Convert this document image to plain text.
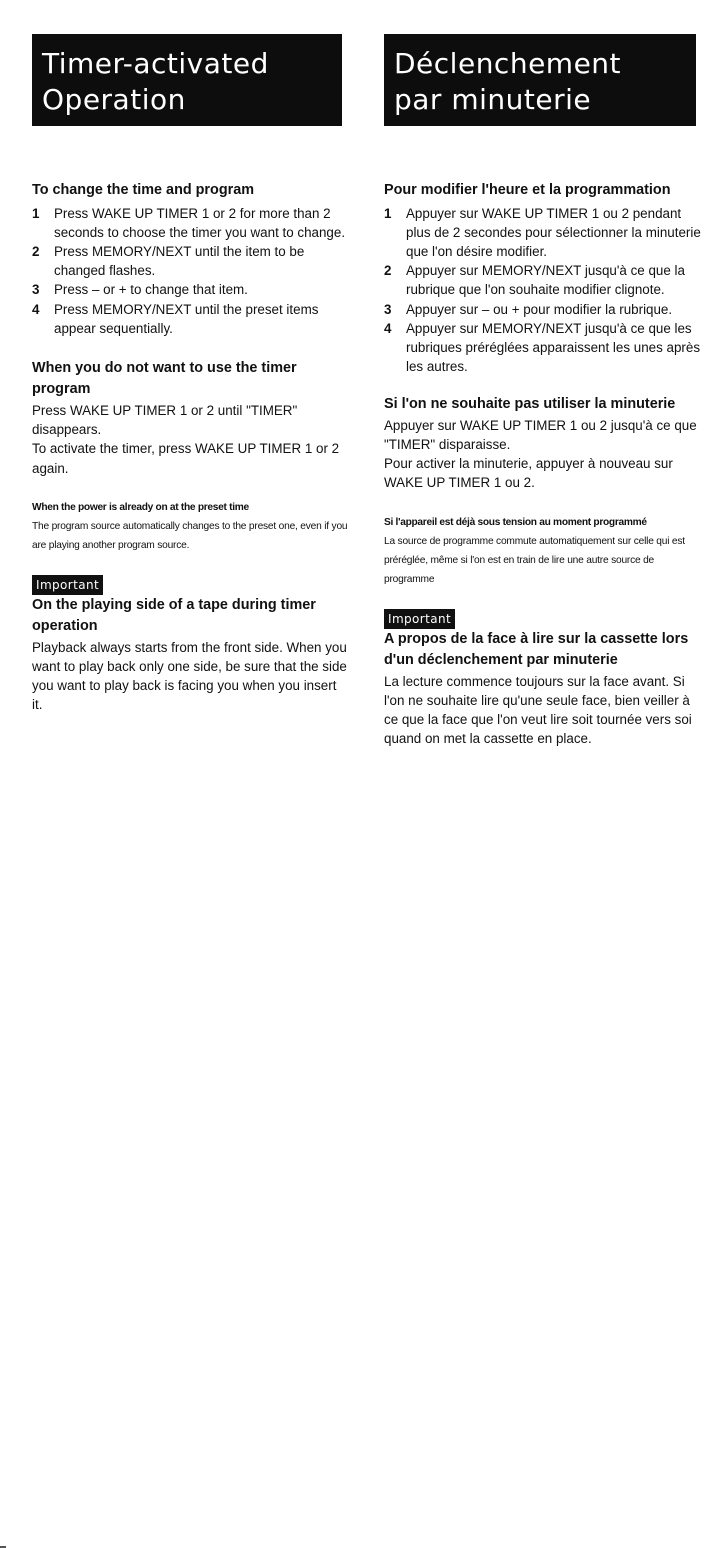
Timer-activated
Operation
To change the time and program
1	Press WAKE UP TIMER 1 or 2 for more than 2 seconds to choose the timer you want to change.
2	Press MEMORY/NEXT until the item to be changed flashes.
3	Press – or + to change that item.
4	Press MEMORY/NEXT until the preset items appear sequentially.
When you do not want to use the timer program

Press WAKE UP TIMER 1 or 2 until "TIMER" disappears.

To activate the timer, press WAKE UP TIMER 1 or 2 again.

When the power is already on at the preset time
The program source automatically changes to the preset one, even if you are playing another program source.
Important
On the playing side of a tape during timer operation

Playback always starts from the front side. When you want to play back only one side, be sure that the side you want to play back is facing you when you insert it.

Déclenchement
par minuterie
Pour modifier l'heure et la programmation
1	Appuyer sur WAKE UP TIMER 1 ou 2 pendant plus de 2 secondes pour sélectionner la minuterie que l'on désire modifier.
2	Appuyer sur MEMORY/NEXT jusqu'à ce que la rubrique que l'on souhaite modifier clignote.
3	Appuyer sur – ou + pour modifier la rubrique.
4	Appuyer sur MEMORY/NEXT jusqu'à ce que les rubriques préréglées apparaissent les unes après les autres.
Si l'on ne souhaite pas utiliser la minuterie

Appuyer sur WAKE UP TIMER 1 ou 2 jusqu'à ce que "TIMER" disparaisse.

Pour activer la minuterie, appuyer à nouveau sur WAKE UP TIMER 1 ou 2.

Si l'appareil est déjà sous tension au moment programmé
La source de programme commute automatiquement sur celle qui est préréglée, même si l'on est en train de lire une autre source de programme
Important
A propos de la face à lire sur la cassette lors d'un déclenchement par minuterie

La lecture commence toujours sur la face avant. Si l'on ne souhaite lire qu'une seule face, bien veiller à ce que la face que l'on veut lire soit tournée vers soi quand on met la cassette en place.
